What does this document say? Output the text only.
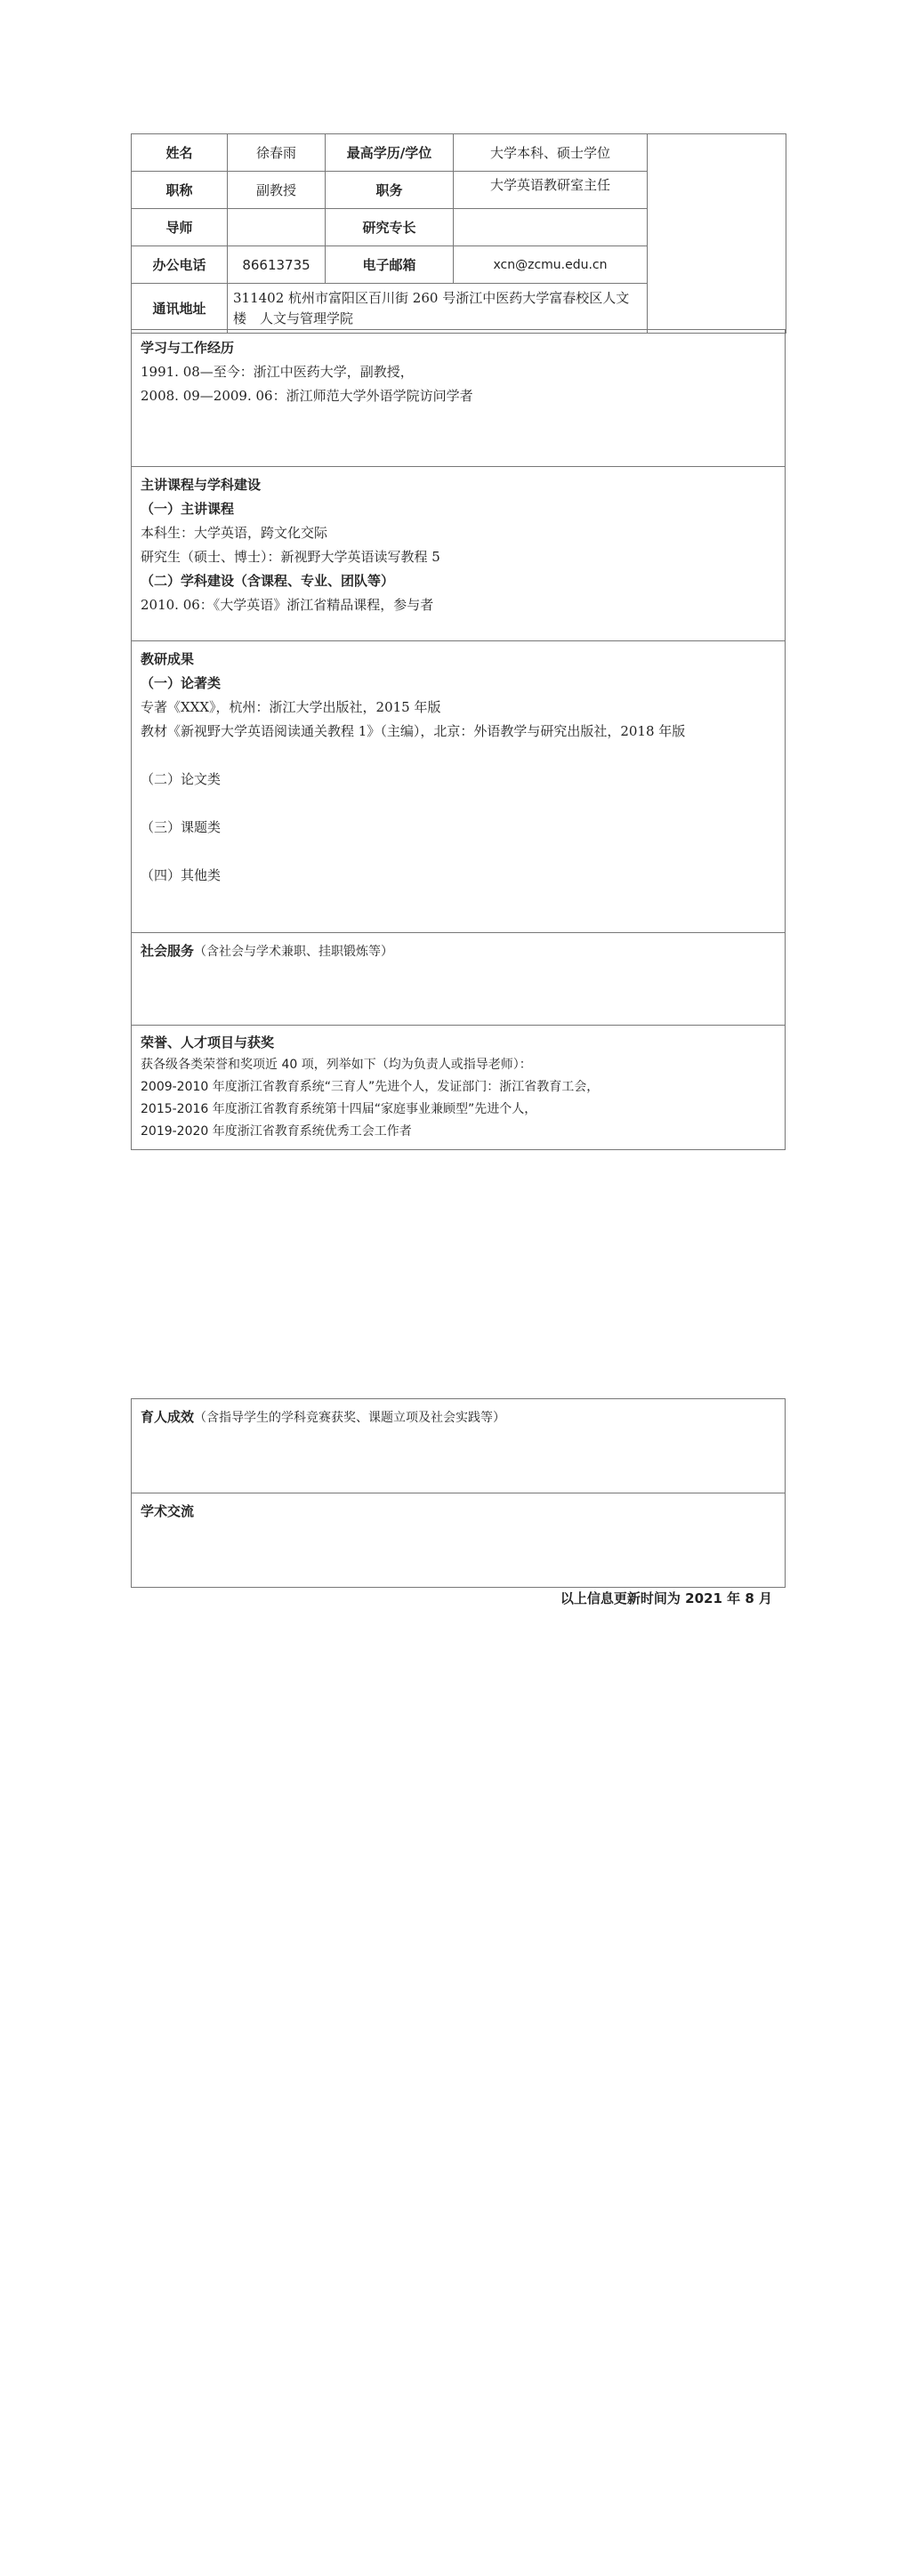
姓名	徐春雨	最高学历/学位	大学本科、硕士学位	
职称	副教授	职务	大学英语教研室主任	
导师		研究专长		
办公电话	86613735	电子邮箱	xcn@zcmu.edu.cn	
通讯地址	311402 杭州市富阳区百川街 260 号浙江中医药大学富春校区人文楼　人文与管理学院			
学习与工作经历
1991. 08—至今：浙江中医药大学，副教授，
2008. 09—2009. 06：浙江师范大学外语学院访问学者

主讲课程与学科建设
（一）主讲课程
本科生：大学英语，跨文化交际
研究生（硕士、博士）：新视野大学英语读写教程 5
（二）学科建设（含课程、专业、团队等）
2010. 06：《大学英语》浙江省精品课程，参与者

教研成果
（一）论著类
专著《XXX》，杭州：浙江大学出版社，2015 年版
教材《新视野大学英语阅读通关教程 1》（主编），北京：外语教学与研究出版社，2018 年版
（二）论文类
（三）课题类
（四）其他类

社会服务（含社会与学术兼职、挂职锻炼等）

荣誉、人才项目与获奖
获各级各类荣誉和奖项近 40 项，列举如下（均为负责人或指导老师）：
2009-2010 年度浙江省教育系统“三育人”先进个人，发证部门：浙江省教育工会，
2015-2016 年度浙江省教育系统第十四届“家庭事业兼顾型”先进个人，
2019-2020 年度浙江省教育系统优秀工会工作者
育人成效（含指导学生的学科竞赛获奖、课题立项及社会实践等）

学术交流
以上信息更新时间为 2021 年 8 月
